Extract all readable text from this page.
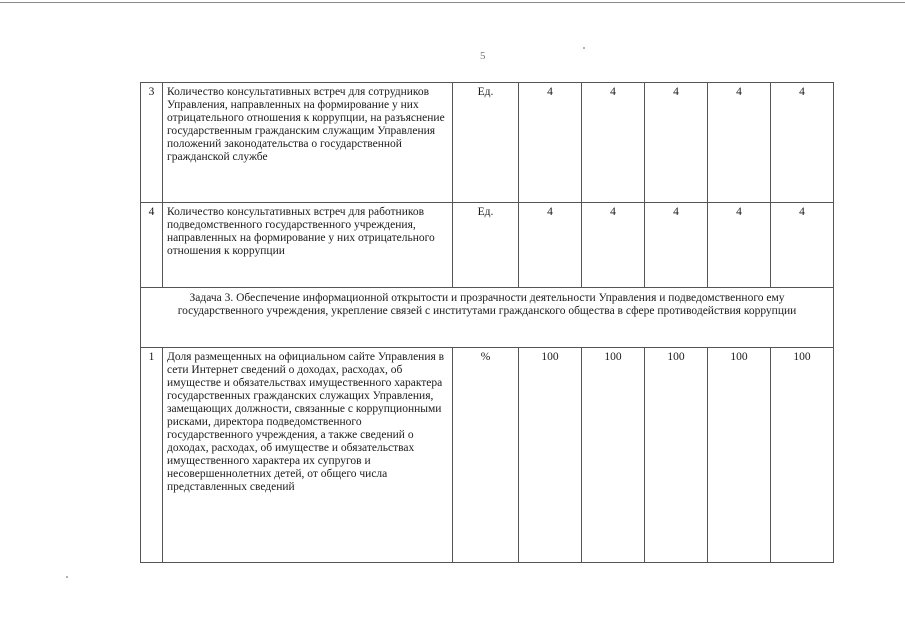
5
3	Количество консультативных встреч для сотрудников Управления, направленных на формирование у них отрицательного отношения к коррупции, на разъяснение государственным гражданским служащим Управления положений законодательства о государственной гражданской службе	Ед.	4	4	4	4	4
4	Количество консультативных встреч для работников подведомственного государственного учреждения, направленных на формирование у них отрицательного отношения к коррупции	Ед.	4	4	4	4	4
Задача 3. Обеспечение информационной открытости и прозрачности деятельности Управления и подведомственного ему государственного учреждения, укрепление связей с институтами гражданского общества в сфере противодействия коррупции							
1	Доля размещенных на официальном сайте Управления в сети Интернет сведений о доходах, расходах, об имуществе и обязательствах имущественного характера государственных гражданских служащих Управления, замещающих должности, связанные с коррупционными рисками, директора подведомственного государственного учреждения, а также сведений о доходах, расходах, об имуществе и обязательствах имущественного характера их супругов и несовершеннолетних детей, от общего числа представленных сведений	%	100	100	100	100	100
